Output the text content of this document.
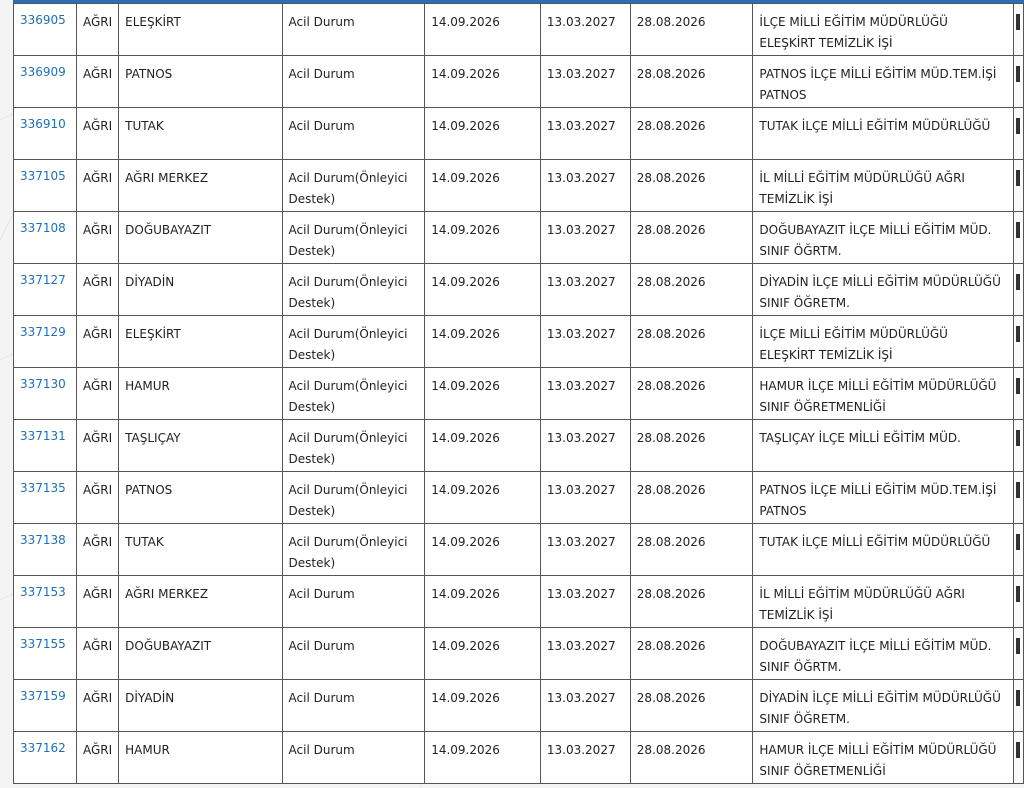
336905	AĞRI	ELEŞKİRT	Acil Durum	14.09.2026	13.03.2027	28.08.2026	İLÇE MİLLİ EĞİTİM MÜDÜRLÜĞÜ ELEŞKİRT TEMİZLİK İŞİ	

336909	AĞRI	PATNOS	Acil Durum	14.09.2026	13.03.2027	28.08.2026	PATNOS İLÇE MİLLİ EĞİTİM MÜD.TEM.İŞİ PATNOS	

336910	AĞRI	TUTAK	Acil Durum	14.09.2026	13.03.2027	28.08.2026	TUTAK İLÇE MİLLİ EĞİTİM MÜDÜRLÜĞÜ	

337105	AĞRI	AĞRI MERKEZ	Acil Durum(Önleyici Destek)	14.09.2026	13.03.2027	28.08.2026	İL MİLLİ EĞİTİM MÜDÜRLÜĞÜ AĞRI TEMİZLİK İŞİ	

337108	AĞRI	DOĞUBAYAZIT	Acil Durum(Önleyici Destek)	14.09.2026	13.03.2027	28.08.2026	DOĞUBAYAZIT İLÇE MİLLİ EĞİTİM MÜD. SINIF ÖĞRTM.	

337127	AĞRI	DİYADİN	Acil Durum(Önleyici Destek)	14.09.2026	13.03.2027	28.08.2026	DİYADİN İLÇE MİLLİ EĞİTİM MÜDÜRLÜĞÜ SINIF ÖĞRETM.	

337129	AĞRI	ELEŞKİRT	Acil Durum(Önleyici Destek)	14.09.2026	13.03.2027	28.08.2026	İLÇE MİLLİ EĞİTİM MÜDÜRLÜĞÜ ELEŞKİRT TEMİZLİK İŞİ	

337130	AĞRI	HAMUR	Acil Durum(Önleyici Destek)	14.09.2026	13.03.2027	28.08.2026	HAMUR İLÇE MİLLİ EĞİTİM MÜDÜRLÜĞÜ SINIF ÖĞRETMENLİĞİ	

337131	AĞRI	TAŞLIÇAY	Acil Durum(Önleyici Destek)	14.09.2026	13.03.2027	28.08.2026	TAŞLIÇAY İLÇE MİLLİ EĞİTİM MÜD.	

337135	AĞRI	PATNOS	Acil Durum(Önleyici Destek)	14.09.2026	13.03.2027	28.08.2026	PATNOS İLÇE MİLLİ EĞİTİM MÜD.TEM.İŞİ PATNOS	

337138	AĞRI	TUTAK	Acil Durum(Önleyici Destek)	14.09.2026	13.03.2027	28.08.2026	TUTAK İLÇE MİLLİ EĞİTİM MÜDÜRLÜĞÜ	

337153	AĞRI	AĞRI MERKEZ	Acil Durum	14.09.2026	13.03.2027	28.08.2026	İL MİLLİ EĞİTİM MÜDÜRLÜĞÜ AĞRI TEMİZLİK İŞİ	

337155	AĞRI	DOĞUBAYAZIT	Acil Durum	14.09.2026	13.03.2027	28.08.2026	DOĞUBAYAZIT İLÇE MİLLİ EĞİTİM MÜD. SINIF ÖĞRTM.	

337159	AĞRI	DİYADİN	Acil Durum	14.09.2026	13.03.2027	28.08.2026	DİYADİN İLÇE MİLLİ EĞİTİM MÜDÜRLÜĞÜ SINIF ÖĞRETM.	

337162	AĞRI	HAMUR	Acil Durum	14.09.2026	13.03.2027	28.08.2026	HAMUR İLÇE MİLLİ EĞİTİM MÜDÜRLÜĞÜ SINIF ÖĞRETMENLİĞİ	
